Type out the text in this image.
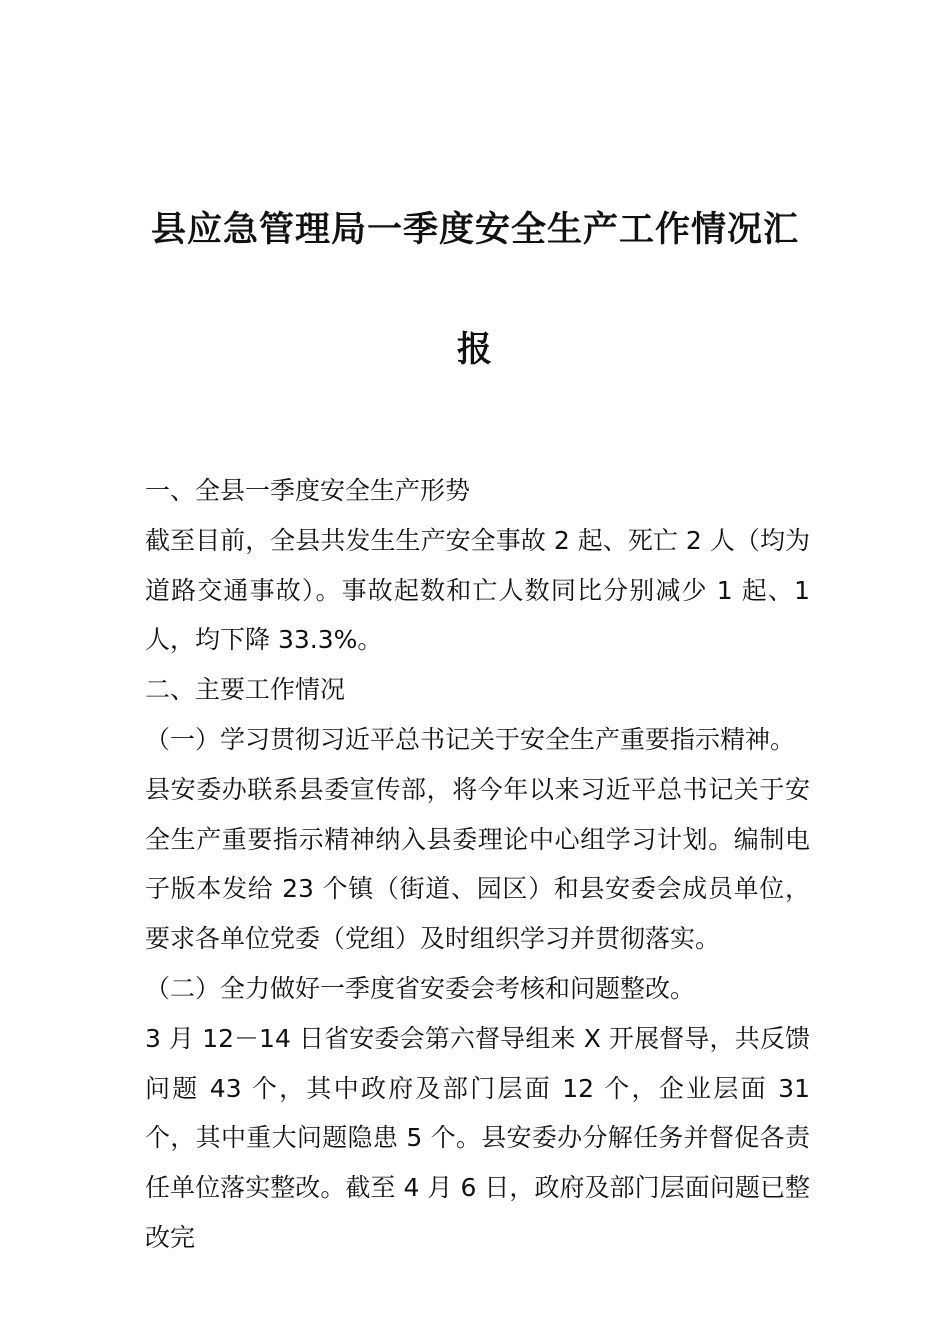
县应急管理局一季度安全生产工作情况汇
报

一、全县一季度安全生产形势

截至目前，全县共发生生产安全事故 2 起、死亡 2 人（均为道路交通事故）。事故起数和亡人数同比分别减少 1 起、1 人，均下降 33.3%。

二、主要工作情况

（一）学习贯彻习近平总书记关于安全生产重要指示精神。

县安委办联系县委宣传部，将今年以来习近平总书记关于安全生产重要指示精神纳入县委理论中心组学习计划。编制电子版本发给 23 个镇（街道、园区）和县安委会成员单位，要求各单位党委（党组）及时组织学习并贯彻落实。

（二）全力做好一季度省安委会考核和问题整改。

3 月 12－14 日省安委会第六督导组来 X 开展督导，共反馈问题 43 个，其中政府及部门层面 12 个，企业层面 31 个，其中重大问题隐患 5 个。县安委办分解任务并督促各责任单位落实整改。截至 4 月 6 日，政府及部门层面问题已整改完
